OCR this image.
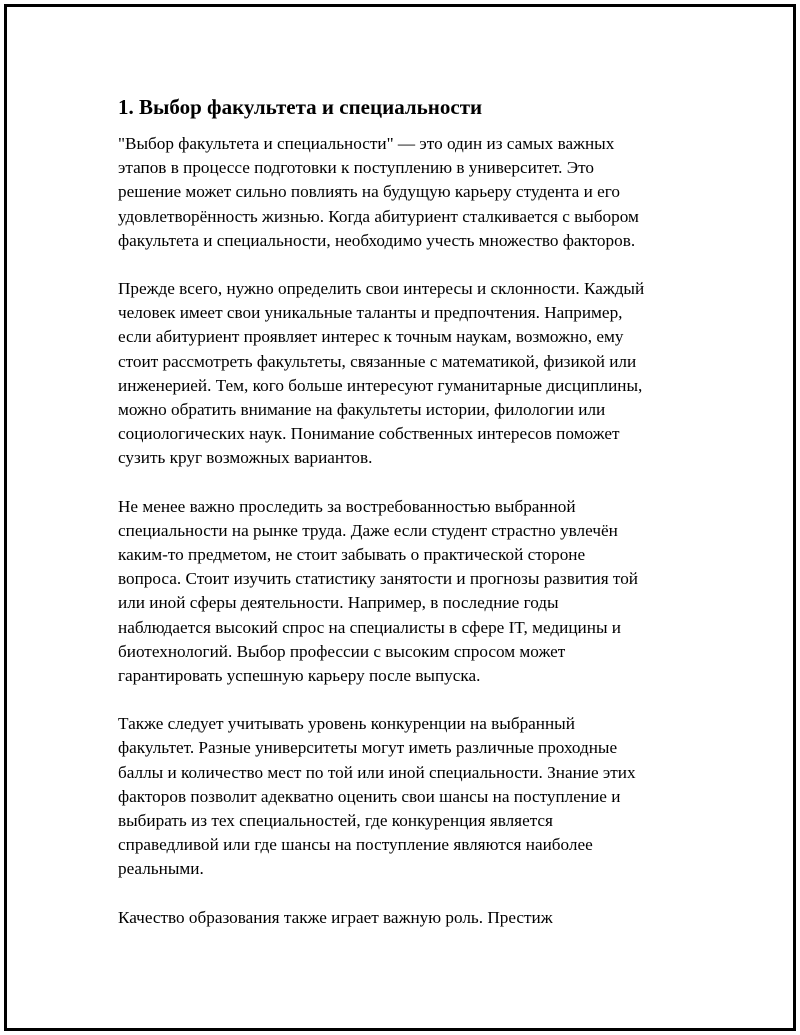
1. Выбор факультета и специальности

"Выбор факультета и специальности" — это один из самых важных
этапов в процессе подготовки к поступлению в университет. Это
решение может сильно повлиять на будущую карьеру студента и его
удовлетворённость жизнью. Когда абитуриент сталкивается с выбором
факультета и специальности, необходимо учесть множество факторов.

Прежде всего, нужно определить свои интересы и склонности. Каждый
человек имеет свои уникальные таланты и предпочтения. Например,
если абитуриент проявляет интерес к точным наукам, возможно, ему
стоит рассмотреть факультеты, связанные с математикой, физикой или
инженерией. Тем, кого больше интересуют гуманитарные дисциплины,
можно обратить внимание на факультеты истории, филологии или
социологических наук. Понимание собственных интересов поможет
сузить круг возможных вариантов.

Не менее важно проследить за востребованностью выбранной
специальности на рынке труда. Даже если студент страстно увлечён
каким-то предметом, не стоит забывать о практической стороне
вопроса. Стоит изучить статистику занятости и прогнозы развития той
или иной сферы деятельности. Например, в последние годы
наблюдается высокий спрос на специалисты в сфере IT, медицины и
биотехнологий. Выбор профессии с высоким спросом может
гарантировать успешную карьеру после выпуска.

Также следует учитывать уровень конкуренции на выбранный
факультет. Разные университеты могут иметь различные проходные
баллы и количество мест по той или иной специальности. Знание этих
факторов позволит адекватно оценить свои шансы на поступление и
выбирать из тех специальностей, где конкуренция является
справедливой или где шансы на поступление являются наиболее
реальными.

Качество образования также играет важную роль. Престиж
